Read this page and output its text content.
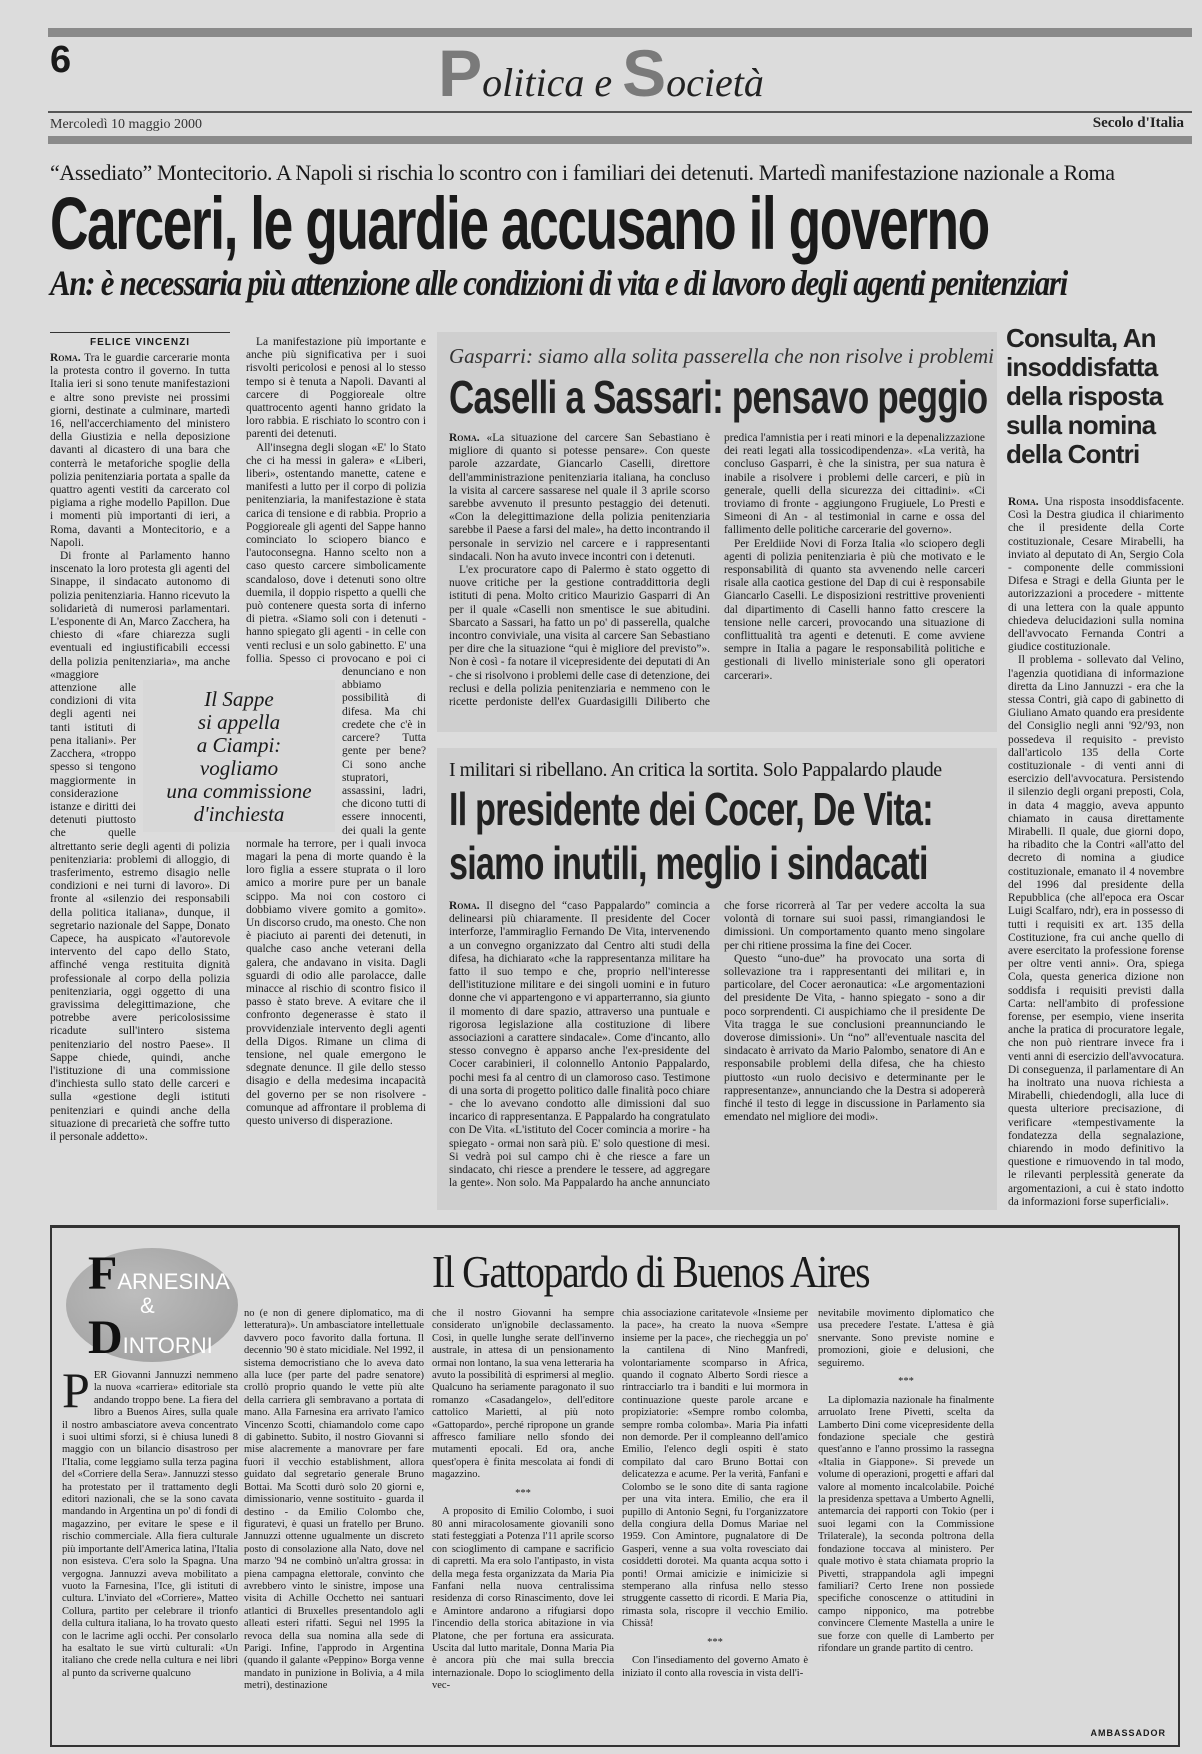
6	Politica e Società
Mercoledì 10 maggio 2000	Secolo d'Italia
“Assediato” Montecitorio. A Napoli si rischia lo scontro con i familiari dei detenuti. Martedì manifestazione nazionale a Roma
Carceri, le guardie accusano il governo
An: è necessaria più attenzione alle condizioni di vita e di lavoro degli agenti penitenziari
FELICE VINCENZI

Roma. Tra le guardie carcerarie monta la protesta contro il governo. In tutta Italia ieri si sono tenute manifestazioni e altre sono previste nei prossimi giorni, destinate a culminare, martedì 16, nell'accerchiamento del ministero della Giustizia e nella deposizione davanti al dicastero di una bara che conterrà le metaforiche spoglie della polizia penitenziaria portata a spalle da quattro agenti vestiti da carcerato col pigiama a righe modello Papillon. Due i momenti più importanti di ieri, a Roma, davanti a Montecitorio, e a Napoli.

Di fronte al Parlamento hanno inscenato la loro protesta gli agenti del Sinappe, il sindacato autonomo di polizia penitenziaria. Hanno ricevuto la solidarietà di numerosi parlamentari. L'esponente di An, Marco Zacchera, ha chiesto di «fare chiarezza sugli eventuali ed ingiustificabili eccessi della polizia penitenziaria», ma anche «maggiore attenzione alle condizioni di vita degli agenti nei tanti istituti di pena italiani». Per Zacchera, «troppo spesso si tengono maggiormente in considerazione istanze e diritti dei detenuti piuttosto che quelle altrettanto serie degli agenti di polizia penitenziaria: problemi di alloggio, di trasferimento, estremo disagio nelle condizioni e nei turni di lavoro». Di fronte al «silenzio dei responsabili della politica italiana», dunque, il segretario nazionale del Sappe, Donato Capece, ha auspicato «l'autorevole intervento del capo dello Stato, affinché venga restituita dignità professionale al corpo della polizia penitenziaria, oggi oggetto di una gravissima delegittimazione, che potrebbe avere pericolosissime ricadute sull'intero sistema penitenziario del nostro Paese». Il Sappe chiede, quindi, anche l'istituzione di una commissione d'inchiesta sullo stato delle carceri e sulla «gestione degli istituti penitenziari e quindi anche della situazione di precarietà che soffre tutto il personale addetto».

La manifestazione più importante e anche più significativa per i suoi risvolti pericolosi e penosi al lo stesso tempo si è tenuta a Napoli. Davanti al carcere di Poggioreale oltre quattrocento agenti hanno gridato la loro rabbia. E rischiato lo scontro con i parenti dei detenuti.

All'insegna degli slogan «E' lo Stato che ci ha messi in galera» e «Liberi, liberi», ostentando manette, catene e manifesti a lutto per il corpo di polizia penitenziaria, la manifestazione è stata carica di tensione e di rabbia. Proprio a Poggioreale gli agenti del Sappe hanno cominciato lo sciopero bianco e l'autoconsegna. Hanno scelto non a caso questo carcere simbolicamente scandaloso, dove i detenuti sono oltre duemila, il doppio rispetto a quelli che può contenere questa sorta di inferno di pietra. «Siamo soli con i detenuti - hanno spiegato gli agenti - in celle con venti reclusi e un solo gabinetto. E' una follia. Spesso ci provocano e poi ci denunciano e non abbiamo possibilità di difesa. Ma chi credete che c'è in carcere? Tutta gente per bene? Ci sono anche stupratori, assassini, ladri, che dicono tutti di essere innocenti, dei quali la gente normale ha terrore, per i quali invoca magari la pena di morte quando è la loro figlia a essere stuprata o il loro amico a morire pure per un banale scippo. Ma noi con costoro ci dobbiamo vivere gomito a gomito». Un discorso crudo, ma onesto. Che non è piaciuto ai parenti dei detenuti, in qualche caso anche veterani della galera, che andavano in visita. Dagli sguardi di odio alle parolacce, dalle minacce al rischio di scontro fisico il passo è stato breve. A evitare che il confronto degenerasse è stato il provvidenziale intervento degli agenti della Digos. Rimane un clima di tensione, nel quale emergono le sdegnate denunce. Il gile dello stesso disagio e della medesima incapacità del governo per se non risolvere - comunque ad affrontare il problema di questo universo di disperazione.

Il Sappe
si appella
a Ciampi:
vogliamo
una commissione
d'inchiesta
Gasparri: siamo alla solita passerella che non risolve i problemi
Caselli a Sassari: pensavo peggio

Roma. «La situazione del carcere San Sebastiano è migliore di quanto si potesse pensare». Con queste parole azzardate, Giancarlo Caselli, direttore dell'amministrazione penitenziaria italiana, ha concluso la visita al carcere sassarese nel quale il 3 aprile scorso sarebbe avvenuto il presunto pestaggio dei detenuti. «Con la delegittimazione della polizia penitenziaria sarebbe il Paese a farsi del male», ha detto incontrando il personale in servizio nel carcere e i rappresentanti sindacali. Non ha avuto invece incontri con i detenuti.

L'ex procuratore capo di Palermo è stato oggetto di nuove critiche per la gestione contraddittoria degli istituti di pena. Molto critico Maurizio Gasparri di An per il quale «Caselli non smentisce le sue abitudini. Sbarcato a Sassari, ha fatto un po' di passerella, qualche incontro conviviale, una visita al carcere San Sebastiano per dire che la situazione “qui è migliore del previsto”». Non è così - fa notare il vicepresidente dei deputati di An - che si risolvono i problemi delle case di detenzione, dei reclusi e della polizia penitenziaria e nemmeno con le ricette perdoniste dell'ex Guardasigilli Diliberto che predica l'amnistia per i reati minori e la depenalizzazione dei reati legati alla tossicodipendenza». «La verità, ha concluso Gasparri, è che la sinistra, per sua natura è inabile a risolvere i problemi delle carceri, e più in generale, quelli della sicurezza dei cittadini». «Ci troviamo di fronte - aggiungono Frugiuele, Lo Presti e Simeoni di An - al testimonial in carne e ossa del fallimento delle politiche carcerarie del governo».

Per Ereldiide Novi di Forza Italia «lo sciopero degli agenti di polizia penitenziaria è più che motivato e le responsabilità di quanto sta avvenendo nelle carceri risale alla caotica gestione del Dap di cui è responsabile Giancarlo Caselli. Le disposizioni restrittive provenienti dal dipartimento di Caselli hanno fatto crescere la tensione nelle carceri, provocando una situazione di conflittualità tra agenti e detenuti. E come avviene sempre in Italia a pagare le responsabilità politiche e gestionali di livello ministeriale sono gli operatori carcerari».

I militari si ribellano. An critica la sortita. Solo Pappalardo plaude
Il presidente dei Cocer, De Vita:
siamo inutili, meglio i sindacati

Roma. Il disegno del “caso Pappalardo” comincia a delinearsi più chiaramente. Il presidente del Cocer interforze, l'ammiraglio Fernando De Vita, intervenendo a un convegno organizzato dal Centro alti studi della difesa, ha dichiarato «che la rappresentanza militare ha fatto il suo tempo e che, proprio nell'interesse dell'istituzione militare e dei singoli uomini e in futuro donne che vi appartengono e vi apparterranno, sia giunto il momento di dare spazio, attraverso una puntuale e rigorosa legislazione alla costituzione di libere associazioni a carattere sindacale». Come d'incanto, allo stesso convegno è apparso anche l'ex-presidente del Cocer carabinieri, il colonnello Antonio Pappalardo, pochi mesi fa al centro di un clamoroso caso. Testimone di una sorta di progetto politico dalle finalità poco chiare - che lo avevano condotto alle dimissioni dal suo incarico di rappresentanza. E Pappalardo ha congratulato con De Vita. «L'istituto del Cocer comincia a morire - ha spiegato - ormai non sarà più. E' solo questione di mesi. Si vedrà poi sul campo chi è che riesce a fare un sindacato, chi riesce a prendere le tessere, ad aggregare la gente». Non solo. Ma Pappalardo ha anche annunciato che forse ricorrerà al Tar per vedere accolta la sua volontà di tornare sui suoi passi, rimangiandosi le dimissioni. Un comportamento quanto meno singolare per chi ritiene prossima la fine dei Cocer.

Questo “uno-due” ha provocato una sorta di sollevazione tra i rappresentanti dei militari e, in particolare, del Cocer aeronautica: «Le argomentazioni del presidente De Vita, - hanno spiegato - sono a dir poco sorprendenti. Ci auspichiamo che il presidente De Vita tragga le sue conclusioni preannunciando le doverose dimissioni». Un “no” all'eventuale nascita del sindacato è arrivato da Mario Palombo, senatore di An e responsabile problemi della difesa, che ha chiesto piuttosto «un ruolo decisivo e determinante per le rappresentanze», annunciando che la Destra si adopererà finché il testo di legge in discussione in Parlamento sia emendato nel migliore dei modi».

Consulta, An insoddisfatta della risposta sulla nomina della Contri

Roma. Una risposta insoddisfacente. Così la Destra giudica il chiarimento che il presidente della Corte costituzionale, Cesare Mirabelli, ha inviato al deputato di An, Sergio Cola - componente delle commissioni Difesa e Stragi e della Giunta per le autorizzazioni a procedere - mittente di una lettera con la quale appunto chiedeva delucidazioni sulla nomina dell'avvocato Fernanda Contri a giudice costituzionale.

Il problema - sollevato dal Velino, l'agenzia quotidiana di informazione diretta da Lino Jannuzzi - era che la stessa Contri, già capo di gabinetto di Giuliano Amato quando era presidente del Consiglio negli anni '92/'93, non possedeva il requisito - previsto dall'articolo 135 della Corte costituzionale - di venti anni di esercizio dell'avvocatura. Persistendo il silenzio degli organi preposti, Cola, in data 4 maggio, aveva appunto chiamato in causa direttamente Mirabelli. Il quale, due giorni dopo, ha ribadito che la Contri «all'atto del decreto di nomina a giudice costituzionale, emanato il 4 novembre del 1996 dal presidente della Repubblica (che all'epoca era Oscar Luigi Scalfaro, ndr), era in possesso di tutti i requisiti ex art. 135 della Costituzione, fra cui anche quello di avere esercitato la professione forense per oltre venti anni». Ora, spiega Cola, questa generica dizione non soddisfa i requisiti previsti dalla Carta: nell'ambito di professione forense, per esempio, viene inserita anche la pratica di procuratore legale, che non può rientrare invece fra i venti anni di esercizio dell'avvocatura. Di conseguenza, il parlamentare di An ha inoltrato una nuova richiesta a Mirabelli, chiedendogli, alla luce di questa ulteriore precisazione, di verificare «tempestivamente la fondatezza della segnalazione, chiarendo in modo definitivo la questione e rimuovendo in tal modo, le rilevanti perplessità generate da argomentazioni, a cui è stato indotto da informazioni forse superficiali».

FARNESINA
&
DINTORNI
Il Gattopardo di Buenos Aires
PER Giovanni Jannuzzi nemmeno la nuova «carriera» editoriale sta andando troppo bene. La fiera del libro a Buenos Aires, sulla quale il nostro ambasciatore aveva concentrato i suoi ultimi sforzi, si è chiusa lunedì 8 maggio con un bilancio disastroso per l'Italia, come leggiamo sulla terza pagina del «Corriere della Sera». Jannuzzi stesso ha protestato per il trattamento degli editori nazionali, che se la sono cavata mandando in Argentina un po' di fondi di magazzino, per evitare le spese e il rischio commerciale. Alla fiera culturale più importante dell'America latina, l'Italia non esisteva. C'era solo la Spagna. Una vergogna. Jannuzzi aveva mobilitato a vuoto la Farnesina, l'Ice, gli istituti di cultura. L'inviato del «Corriere», Matteo Collura, partito per celebrare il trionfo della cultura italiana, lo ha trovato questo con le lacrime agli occhi. Per consolarlo ha esaltato le sue virtù culturali: «Un italiano che crede nella cultura e nei libri al punto da scriverne qualcuno

no (e non di genere diplomatico, ma di letteratura)». Un ambasciatore intellettuale davvero poco favorito dalla fortuna. Il decennio '90 è stato micidiale. Nel 1992, il sistema democristiano che lo aveva dato alla luce (per parte del padre senatore) crollò proprio quando le vette più alte della carriera gli sembravano a portata di mano. Alla Farnesina era arrivato l'amico Vincenzo Scotti, chiamandolo come capo di gabinetto. Subito, il nostro Giovanni si mise alacremente a manovrare per fare fuori il vecchio establishment, allora guidato dal segretario generale Bruno Bottai. Ma Scotti durò solo 20 giorni e, dimissionario, venne sostituito - guarda il destino - da Emilio Colombo che, figuratevi, è quasi un fratello per Bruno. Jannuzzi ottenne ugualmente un discreto posto di consolazione alla Nato, dove nel marzo '94 ne combinò un'altra grossa: in piena campagna elettorale, convinto che avrebbero vinto le sinistre, impose una visita di Achille Occhetto nei santuari atlantici di Bruxelles presentandolo agli alleati esteri rifatti. Seguì nel 1995 la revoca della sua nomina alla sede di Parigi. Infine, l'approdo in Argentina (quando il galante «Peppino» Borga venne mandato in punizione in Bolivia, a 4 mila metri), destinazione

che il nostro Giovanni ha sempre considerato un'ignobile declassamento. Così, in quelle lunghe serate dell'inverno australe, in attesa di un pensionamento ormai non lontano, la sua vena letteraria ha avuto la possibilità di esprimersi al meglio. Qualcuno ha seriamente paragonato il suo romanzo «Casadangelo», dell'editore cattolico Marietti, al più noto «Gattopardo», perché ripropone un grande affresco familiare nello sfondo dei mutamenti epocali. Ed ora, anche quest'opera è finita mescolata ai fondi di magazzino.

***

A proposito di Emilio Colombo, i suoi 80 anni miracolosamente giovanili sono stati festeggiati a Potenza l'11 aprile scorso con scioglimento di campane e sacrificio di capretti. Ma era solo l'antipasto, in vista della mega festa organizzata da Maria Pia Fanfani nella nuova centralissima residenza di corso Rinascimento, dove lei e Amintore andarono a rifugiarsi dopo l'incendio della storica abitazione in via Platone, che per fortuna era assicurata. Uscita dal lutto maritale, Donna Maria Pia è ancora più che mai sulla breccia internazionale. Dopo lo scioglimento della vec-

chia associazione caritatevole «Insieme per la pace», ha creato la nuova «Sempre insieme per la pace», che riecheggia un po' la cantilena di Nino Manfredi, volontariamente scomparso in Africa, quando il cognato Alberto Sordi riesce a rintracciarlo tra i banditi e lui mormora in continuazione queste parole arcane e propiziatorie: «Sempre rombo colomba, sempre romba colomba». Maria Pia infatti non demorde. Per il compleanno dell'amico Emilio, l'elenco degli ospiti è stato compilato dal caro Bruno Bottai con delicatezza e acume. Per la verità, Fanfani e Colombo se le sono dite di santa ragione per una vita intera. Emilio, che era il pupillo di Antonio Segni, fu l'organizzatore della congiura della Domus Mariae nel 1959. Con Amintore, pugnalatore di De Gasperi, venne a sua volta rovesciato dai cosiddetti dorotei. Ma quanta acqua sotto i ponti! Ormai amicizie e inimicizie si stemperano alla rinfusa nello stesso struggente cassetto di ricordi. E Maria Pia, rimasta sola, riscopre il vecchio Emilio. Chissà!

***

Con l'insediamento del governo Amato è iniziato il conto alla rovescia in vista dell'i-

nevitabile movimento diplomatico che usa precedere l'estate. L'attesa è già snervante. Sono previste nomine e promozioni, gioie e delusioni, che seguiremo.

***

La diplomazia nazionale ha finalmente arruolato Irene Pivetti, scelta da Lamberto Dini come vicepresidente della fondazione speciale che gestirà quest'anno e l'anno prossimo la rassegna «Italia in Giappone». Si prevede un volume di operazioni, progetti e affari dal valore al momento incalcolabile. Poiché la presidenza spettava a Umberto Agnelli, antemarcia dei rapporti con Tokio (per i suoi legami con la Commissione Trilaterale), la seconda poltrona della fondazione toccava al ministero. Per quale motivo è stata chiamata proprio la Pivetti, strappandola agli impegni familiari? Certo Irene non possiede specifiche conoscenze o attitudini in campo nipponico, ma potrebbe convincere Clemente Mastella a unire le sue forze con quelle di Lamberto per rifondare un grande partito di centro.

AMBASSADOR
